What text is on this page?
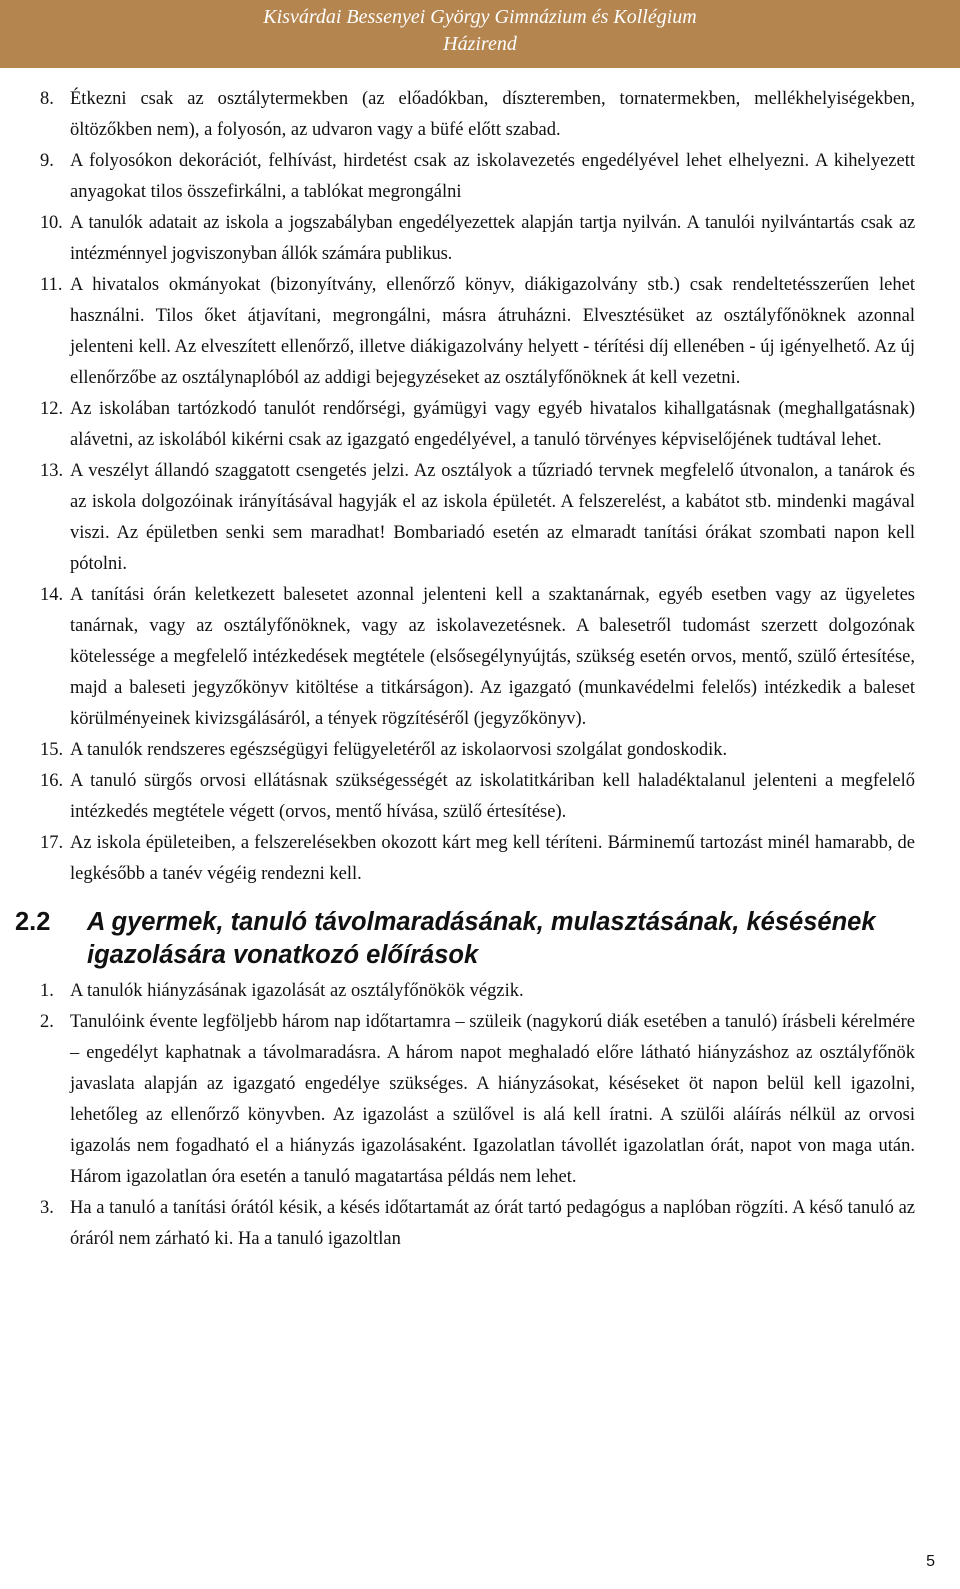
Kisvárdai Bessenyei György Gimnázium és Kollégium
Házirend
8. Étkezni csak az osztálytermekben (az előadókban, díszteremben, tornatermekben, mellékhelyiségekben, öltözőkben nem), a folyosón, az udvaron vagy a büfé előtt szabad.
9. A folyosókon dekorációt, felhívást, hirdetést csak az iskolavezetés engedélyével lehet elhelyezni. A kihelyezett anyagokat tilos összefirkálni, a tablókat megrongálni
10. A tanulók adatait az iskola a jogszabályban engedélyezettek alapján tartja nyilván. A tanulói nyilvántartás csak az intézménnyel jogviszonyban állók számára publikus.
11. A hivatalos okmányokat (bizonyítvány, ellenőrző könyv, diákigazolvány stb.) csak rendeltetésszerűen lehet használni. Tilos őket átjavítani, megrongálni, másra átruházni. Elvesztésüket az osztályfőnöknek azonnal jelenteni kell. Az elveszített ellenőrző, illetve diákigazolvány helyett - térítési díj ellenében - új igényelhető. Az új ellenőrzőbe az osztálynaplóból az addigi bejegyzéseket az osztályfőnöknek át kell vezetni.
12. Az iskolában tartózkodó tanulót rendőrségi, gyámügyi vagy egyéb hivatalos kihallgatásnak (meghallgatásnak) alávetni, az iskolából kikérni csak az igazgató engedélyével, a tanuló törvényes képviselőjének tudtával lehet.
13. A veszélyt állandó szaggatott csengetés jelzi. Az osztályok a tűzriadó tervnek megfelelő útvonalon, a tanárok és az iskola dolgozóinak irányításával hagyják el az iskola épületét. A felszerelést, a kabátot stb. mindenki magával viszi. Az épületben senki sem maradhat! Bombariadó esetén az elmaradt tanítási órákat szombati napon kell pótolni.
14. A tanítási órán keletkezett balesetet azonnal jelenteni kell a szaktanárnak, egyéb esetben vagy az ügyeletes tanárnak, vagy az osztályfőnöknek, vagy az iskolavezetésnek. A balesetről tudomást szerzett dolgozónak kötelessége a megfelelő intézkedések megtétele (elsősegélynyújtás, szükség esetén orvos, mentő, szülő értesítése, majd a baleseti jegyzőkönyv kitöltése a titkárságon). Az igazgató (munkavédelmi felelős) intézkedik a baleset körülményeinek kivizsgálásáról, a tények rögzítéséről (jegyzőkönyv).
15. A tanulók rendszeres egészségügyi felügyeletéről az iskolaorvosi szolgálat gondoskodik.
16. A tanuló sürgős orvosi ellátásnak szükségességét az iskolatitkáriban kell haladéktalanul jelenteni a megfelelő intézkedés megtétele végett (orvos, mentő hívása, szülő értesítése).
17. Az iskola épületeiben, a felszerelésekben okozott kárt meg kell téríteni. Bárminemű tartozást minél hamarabb, de legkésőbb a tanév végéig rendezni kell.
2.2	A gyermek, tanuló távolmaradásának, mulasztásának, késésének igazolására vonatkozó előírások
1. A tanulók hiányzásának igazolását az osztályfőnökök végzik.
2. Tanulóink évente legföljebb három nap időtartamra – szüleik (nagykorú diák esetében a tanuló) írásbeli kérelmére – engedélyt kaphatnak a távolmaradásra. A három napot meghaladó előre látható hiányzáshoz az osztályfőnök javaslata alapján az igazgató engedélye szükséges. A hiányzásokat, késéseket öt napon belül kell igazolni, lehetőleg az ellenőrző könyvben. Az igazolást a szülővel is alá kell íratni. A szülői aláírás nélkül az orvosi igazolás nem fogadható el a hiányzás igazolásaként. Igazolatlan távollét igazolatlan órát, napot von maga után. Három igazolatlan óra esetén a tanuló magatartása példás nem lehet.
3. Ha a tanuló a tanítási órától késik, a késés időtartamát az órát tartó pedagógus a naplóban rögzíti. A késő tanuló az óráról nem zárható ki. Ha a tanuló igazoltlan
5
